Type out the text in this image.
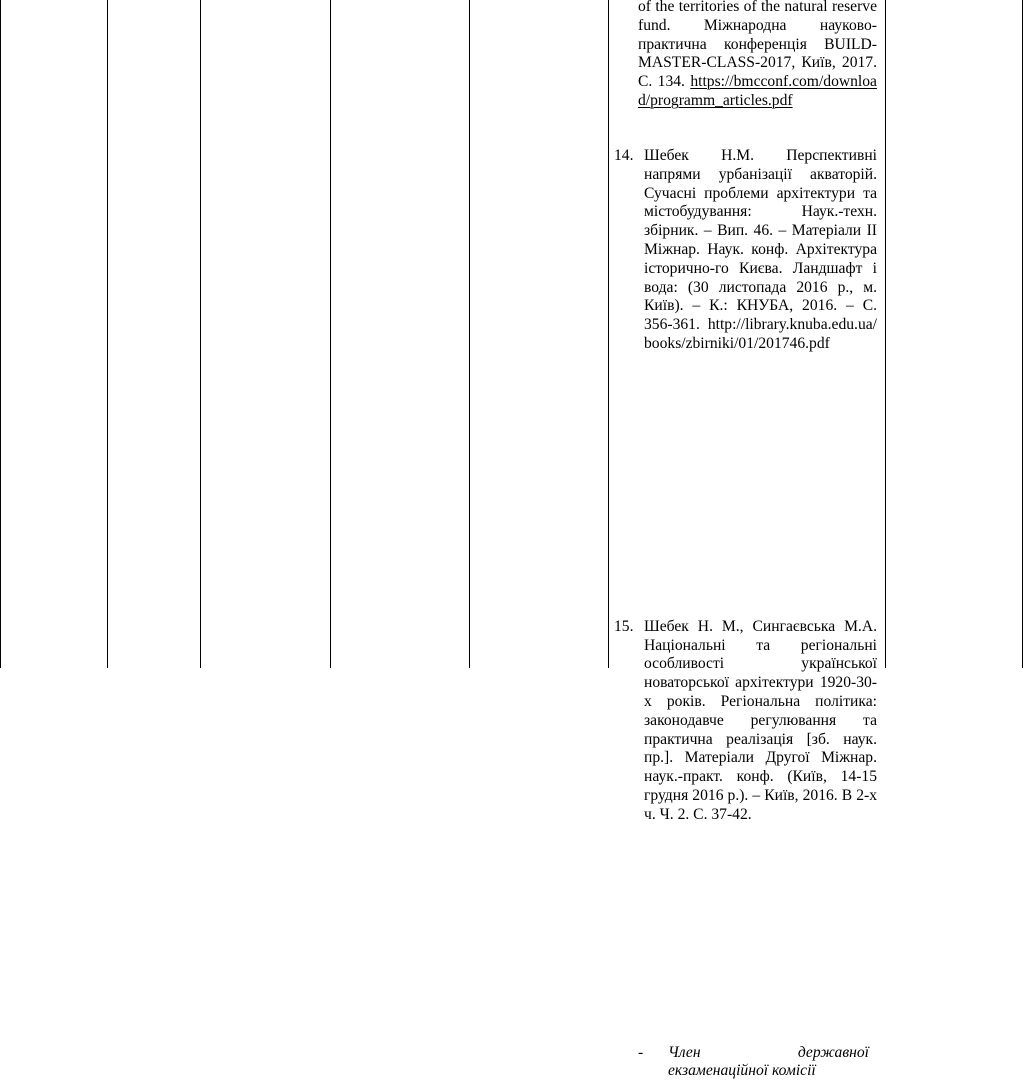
of the territories of the natural reserve fund. Міжнародна науково-практична конференція BUILD-MASTER-CLASS-2017, Київ, 2017. С. 134. https://bmcconf.com/download/programm_articles.pdf
14. Шебек Н.М. Перспективні напрями урбанізації акваторій. Сучасні проблеми архітектури та містобудування: Наук.-техн. збірник. – Вип. 46. – Матеріали II Міжнар. Наук. конф. Архітектура історично-го Києва. Ландшафт і вода: (30 листопада 2016 р., м. Київ). – К.: КНУБА, 2016. – С. 356-361. http://library.knuba.edu.ua/books/zbirniki/01/201746.pdf
15. Шебек Н. М., Сингаєвська М.А. Національні та регіональні особливості української новаторської архітектури 1920-30-х років. Регіональна політика: законодавче регулювання та практична реалізація [зб. наук. пр.]. Матеріали Другої Міжнар. наук.-практ. конф. (Київ, 14-15 грудня 2016 р.). – Київ, 2016. В 2-х ч. Ч. 2. С. 37-42.
- Член державної екзаменаційної комісії
